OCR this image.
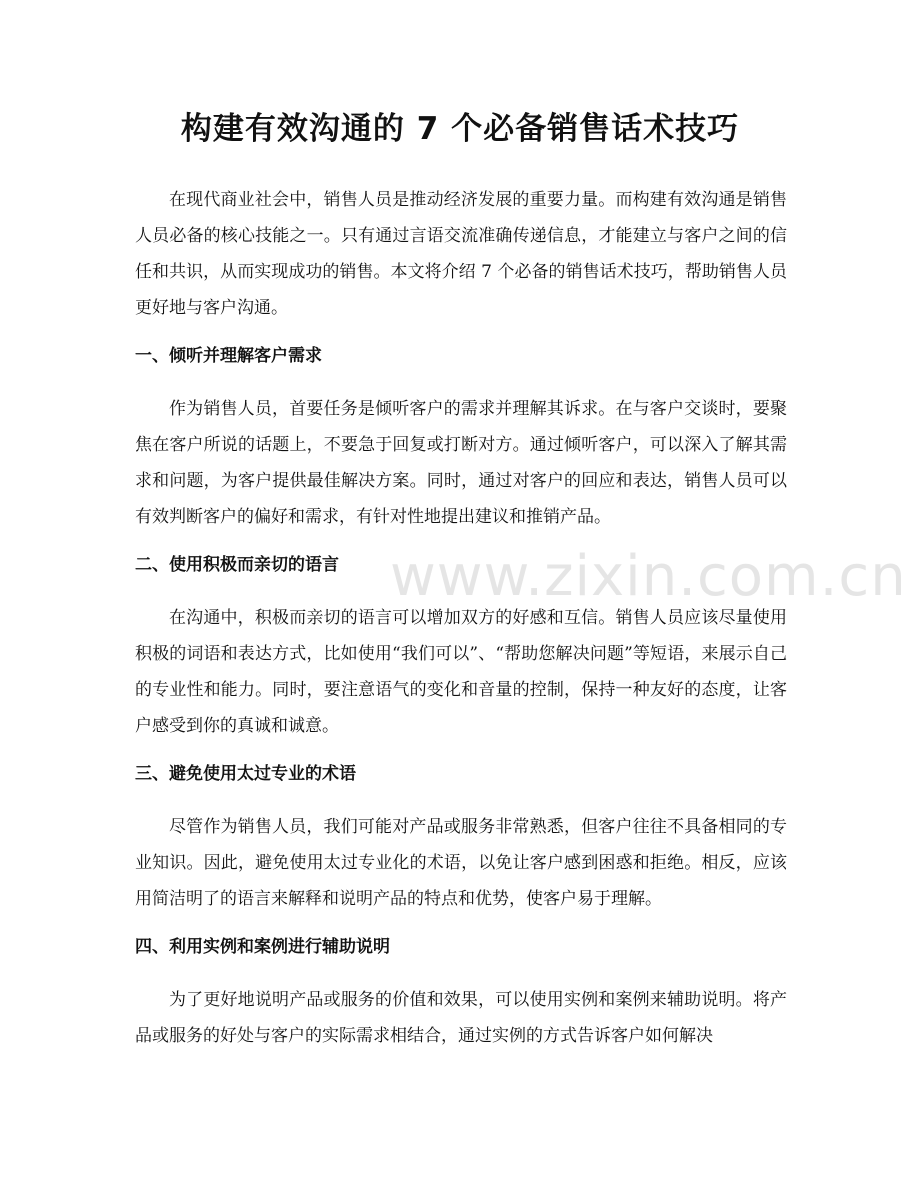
构建有效沟通的 7 个必备销售话术技巧

在现代商业社会中，销售人员是推动经济发展的重要力量。而构建有效沟通是销售人员必备的核心技能之一。只有通过言语交流准确传递信息，才能建立与客户之间的信任和共识，从而实现成功的销售。本文将介绍 7 个必备的销售话术技巧，帮助销售人员更好地与客户沟通。

一、倾听并理解客户需求

作为销售人员，首要任务是倾听客户的需求并理解其诉求。在与客户交谈时，要聚焦在客户所说的话题上，不要急于回复或打断对方。通过倾听客户，可以深入了解其需求和问题，为客户提供最佳解决方案。同时，通过对客户的回应和表达，销售人员可以有效判断客户的偏好和需求，有针对性地提出建议和推销产品。

二、使用积极而亲切的语言

在沟通中，积极而亲切的语言可以增加双方的好感和互信。销售人员应该尽量使用积极的词语和表达方式，比如使用“我们可以”、“帮助您解决问题”等短语，来展示自己的专业性和能力。同时，要注意语气的变化和音量的控制，保持一种友好的态度，让客户感受到你的真诚和诚意。

三、避免使用太过专业的术语

尽管作为销售人员，我们可能对产品或服务非常熟悉，但客户往往不具备相同的专业知识。因此，避免使用太过专业化的术语，以免让客户感到困惑和拒绝。相反，应该用简洁明了的语言来解释和说明产品的特点和优势，使客户易于理解。

四、利用实例和案例进行辅助说明

为了更好地说明产品或服务的价值和效果，可以使用实例和案例来辅助说明。将产品或服务的好处与客户的实际需求相结合，通过实例的方式告诉客户如何解决

www.zixin.com.cn
